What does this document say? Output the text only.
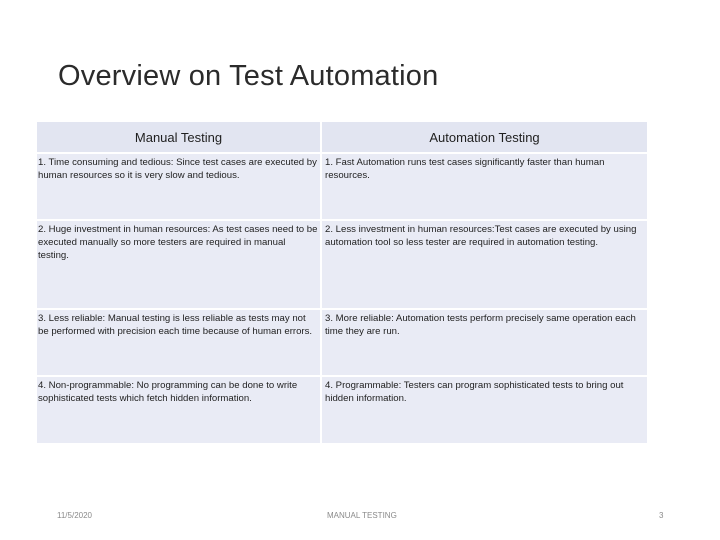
Overview on Test Automation
Manual Testing	Automation Testing

1. Time consuming and tedious: Since test cases are executed by human resources so it is very slow and tedious.	1. Fast Automation runs test cases significantly faster than human resources.

2. Huge investment in human resources: As test cases need to be executed manually so more testers are required in manual testing.	2. Less investment in human resources:Test cases are executed by using automation tool so less tester are required in automation testing.

3. Less reliable: Manual testing is less reliable as tests may not be performed with precision each time because of human errors.	3. More reliable: Automation tests perform precisely same operation each time they are run.

4. Non-programmable: No programming can be done to write sophisticated tests which fetch hidden information.	4. Programmable: Testers can program sophisticated tests to bring out hidden information.
11/5/2020	MANUAL TESTING	3
